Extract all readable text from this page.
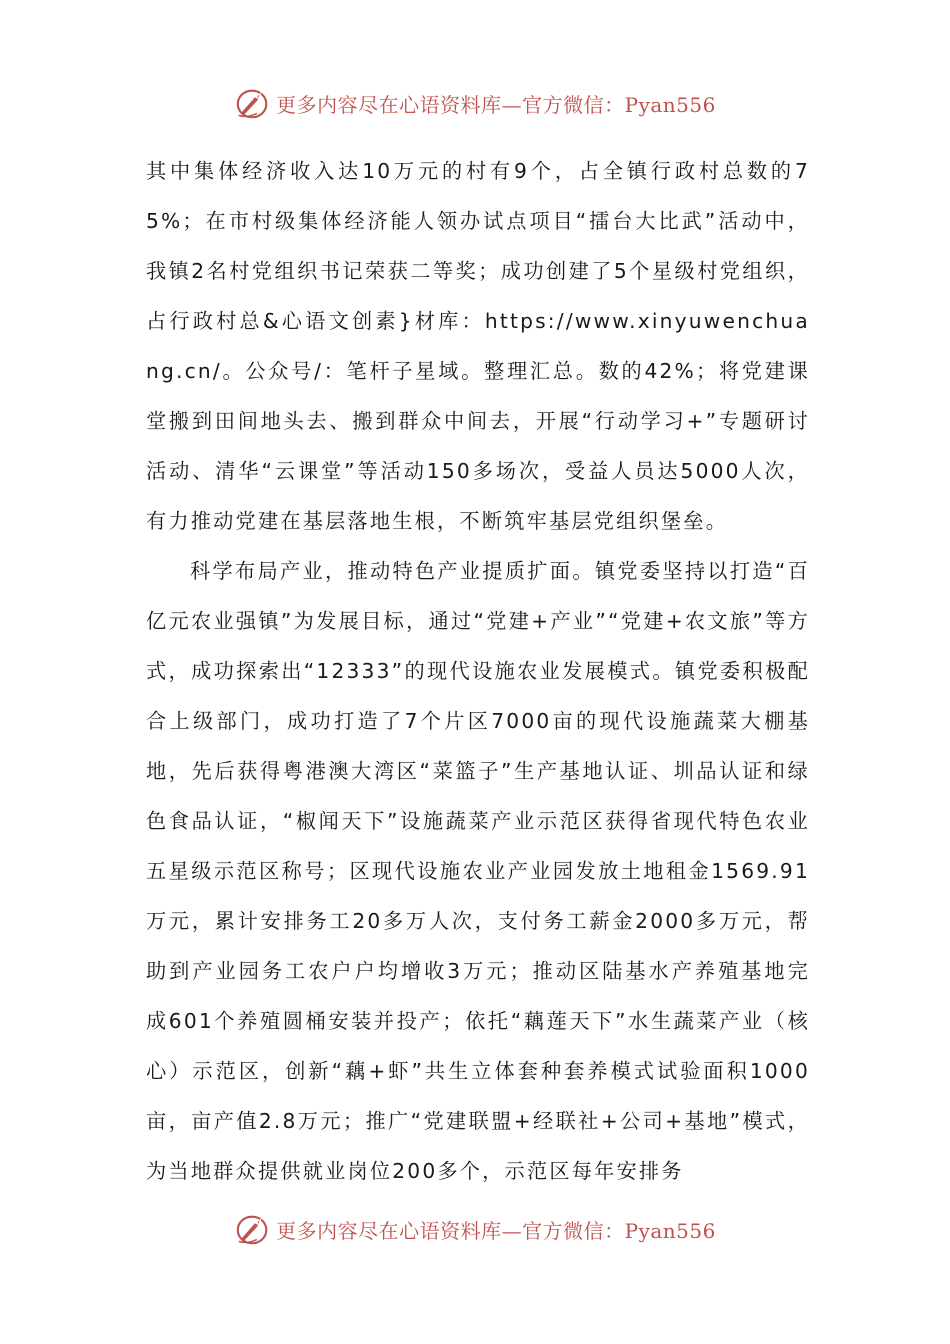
更多内容尽在心语资料库—官方微信：Pyan556

其中集体经济收入达10万元的村有9个，占全镇行政村总数的75%；在市村级集体经济能人领办试点项目“擂台大比武”活动中，我镇2名村党组织书记荣获二等奖；成功创建了5个星级村党组织，占行政村总&心语文创素}材库：https://www.xinyuwenchuang.cn/。公众号/：笔杆子星域。整理汇总。数的42%；将党建课堂搬到田间地头去、搬到群众中间去，开展“行动学习+”专题研讨活动、清华“云课堂”等活动150多场次，受益人员达5000人次，有力推动党建在基层落地生根，不断筑牢基层党组织堡垒。

科学布局产业，推动特色产业提质扩面。镇党委坚持以打造“百亿元农业强镇”为发展目标，通过“党建+产业”“党建+农文旅”等方式，成功探索出“12333”的现代设施农业发展模式。镇党委积极配合上级部门，成功打造了7个片区7000亩的现代设施蔬菜大棚基地，先后获得粤港澳大湾区“菜篮子”生产基地认证、圳品认证和绿色食品认证，“椒闻天下”设施蔬菜产业示范区获得省现代特色农业五星级示范区称号；区现代设施农业产业园发放土地租金1569.91万元，累计安排务工20多万人次，支付务工薪金2000多万元，帮助到产业园务工农户户均增收3万元；推动区陆基水产养殖基地完成601个养殖圆桶安装并投产；依托“藕莲天下”水生蔬菜产业（核心）示范区，创新“藕+虾”共生立体套种套养模式试验面积1000亩，亩产值2.8万元；推广“党建联盟+经联社+公司+基地”模式，为当地群众提供就业岗位200多个，示范区每年安排务

更多内容尽在心语资料库—官方微信：Pyan556
